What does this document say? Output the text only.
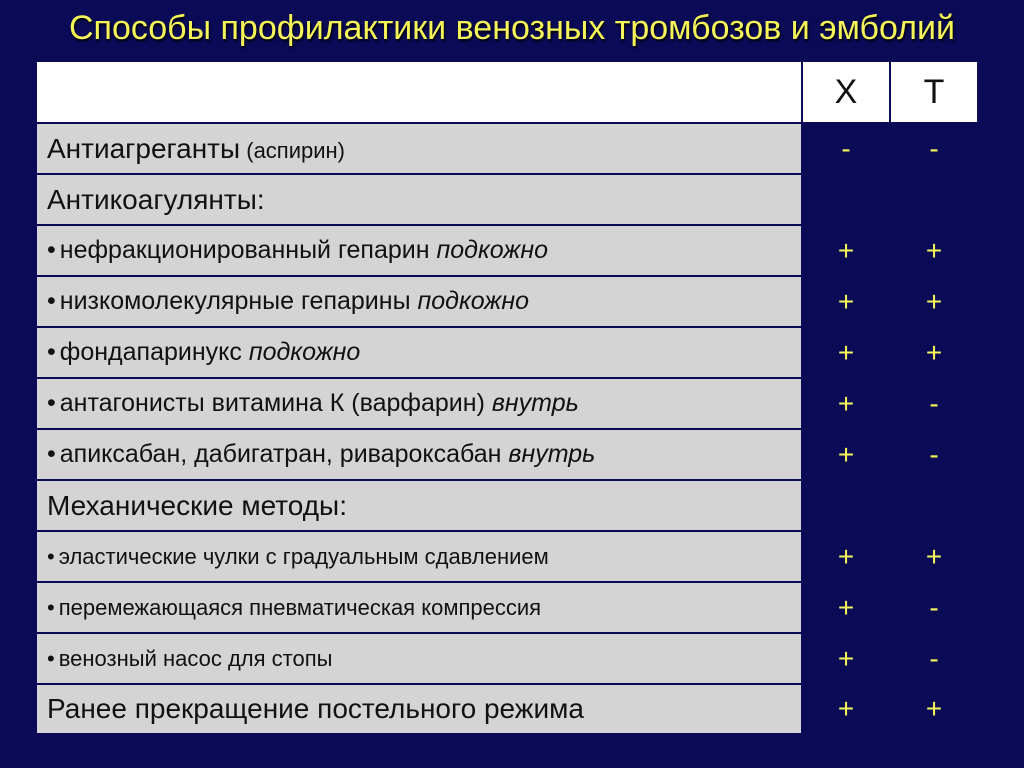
Способы профилактики венозных тромбозов и эмболий
	Х	Т
Антиагреганты (аспирин)	-	-
Антикоагулянты:		
• нефракционированный гепарин подкожно	+	+
• низкомолекулярные гепарины подкожно	+	+
• фондапаринукс подкожно	+	+
• антагонисты витамина К (варфарин) внутрь	+	-
• апиксабан, дабигатран, ривароксабан внутрь	+	-
Механические методы:		
• эластические чулки с градуальным сдавлением	+	+
• перемежающаяся пневматическая компрессия	+	-
• венозный насос для стопы	+	-
Ранее прекращение постельного режима	+	+
